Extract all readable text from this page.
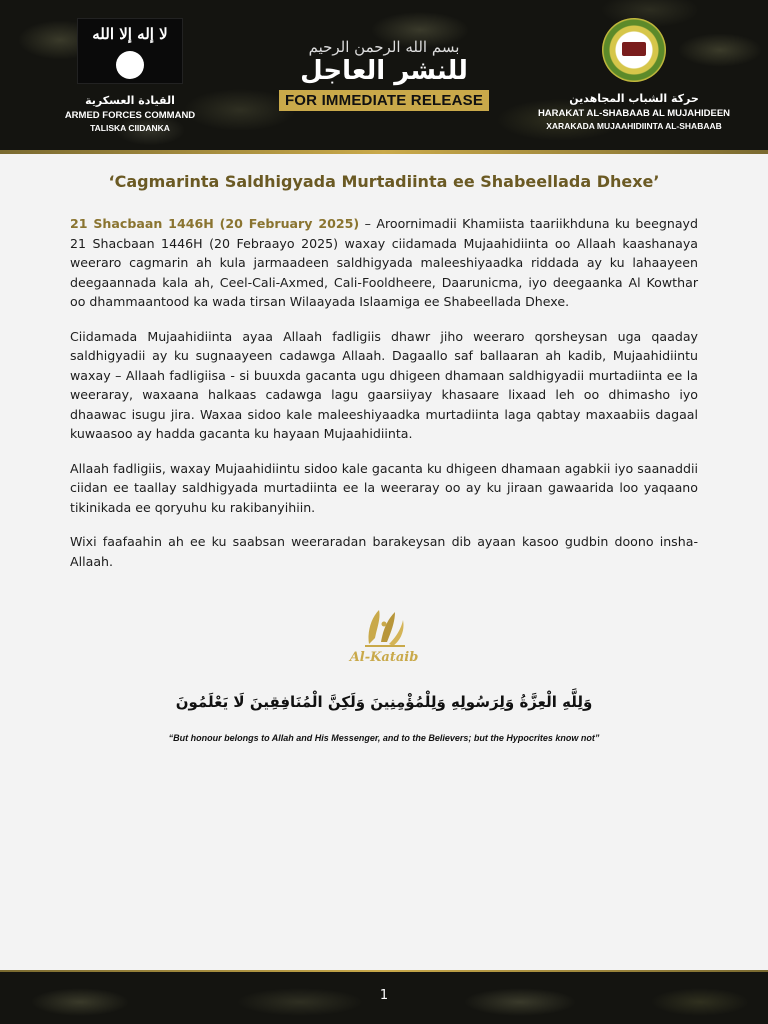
لا إله إلا الله
القيادة العسكرية
ARMED FORCES COMMAND
TALISKA CIIDANKA
بسم الله الرحمن الرحيم
للنشر العاجل
FOR IMMEDIATE RELEASE	حركة الشباب المجاهدين
HARAKAT AL-SHABAAB AL MUJAHIDEEN
XARAKADA MUJAAHIDIINTA AL-SHABAAB
‘Cagmarinta Saldhigyada Murtadiinta ee Shabeellada Dhexe’

21 Shacbaan 1446H (20 February 2025) – Aroornimadii Khamiista taariikhduna ku beegnayd 21 Shacbaan 1446H (20 Febraayo 2025) waxay ciidamada Mujaahidiinta oo Allaah kaashanaya weeraro cagmarin ah kula jarmaadeen saldhigyada maleeshiyaadka riddada ay ku lahaayeen deegaannada kala ah, Ceel-Cali-Axmed, Cali-Fooldheere, Daarunicma, iyo deegaanka Al Kowthar oo dhammaantood ka wada tirsan Wilaayada Islaamiga ee Shabeellada Dhexe.

Ciidamada Mujaahidiinta ayaa Allaah fadligiis dhawr jiho weeraro qorsheysan uga qaaday saldhigyadii ay ku sugnaayeen cadawga Allaah. Dagaallo saf ballaaran ah kadib, Mujaahidiintu waxay – Allaah fadligiisa - si buuxda gacanta ugu dhigeen dhamaan saldhigyadii murtadiinta ee la weeraray, waxaana halkaas cadawga lagu gaarsiiyay khasaare lixaad leh oo dhimasho iyo dhaawac isugu jira. Waxaa sidoo kale maleeshiyaadka murtadiinta laga qabtay maxaabiis dagaal kuwaasoo ay hadda gacanta ku hayaan Mujaahidiinta.

Allaah fadligiis, waxay Mujaahidiintu sidoo kale gacanta ku dhigeen dhamaan agabkii iyo saanaddii ciidan ee taallay saldhigyada murtadiinta ee la weeraray oo ay ku jiraan gawaarida loo yaqaano tikinikada ee qoryuhu ku rakibanyihiin.

Wixi faafaahin ah ee ku saabsan weeraradan barakeysan dib ayaan kasoo gudbin doono insha-Allaah.

Al-Kataib
وَلِلَّهِ الْعِزَّةُ وَلِرَسُولِهِ وَلِلْمُؤْمِنِينَ وَلَكِنَّ الْمُنَافِقِينَ لَا يَعْلَمُونَ
“But honour belongs to Allah and His Messenger, and to the Believers; but the Hypocrites know not”
1
